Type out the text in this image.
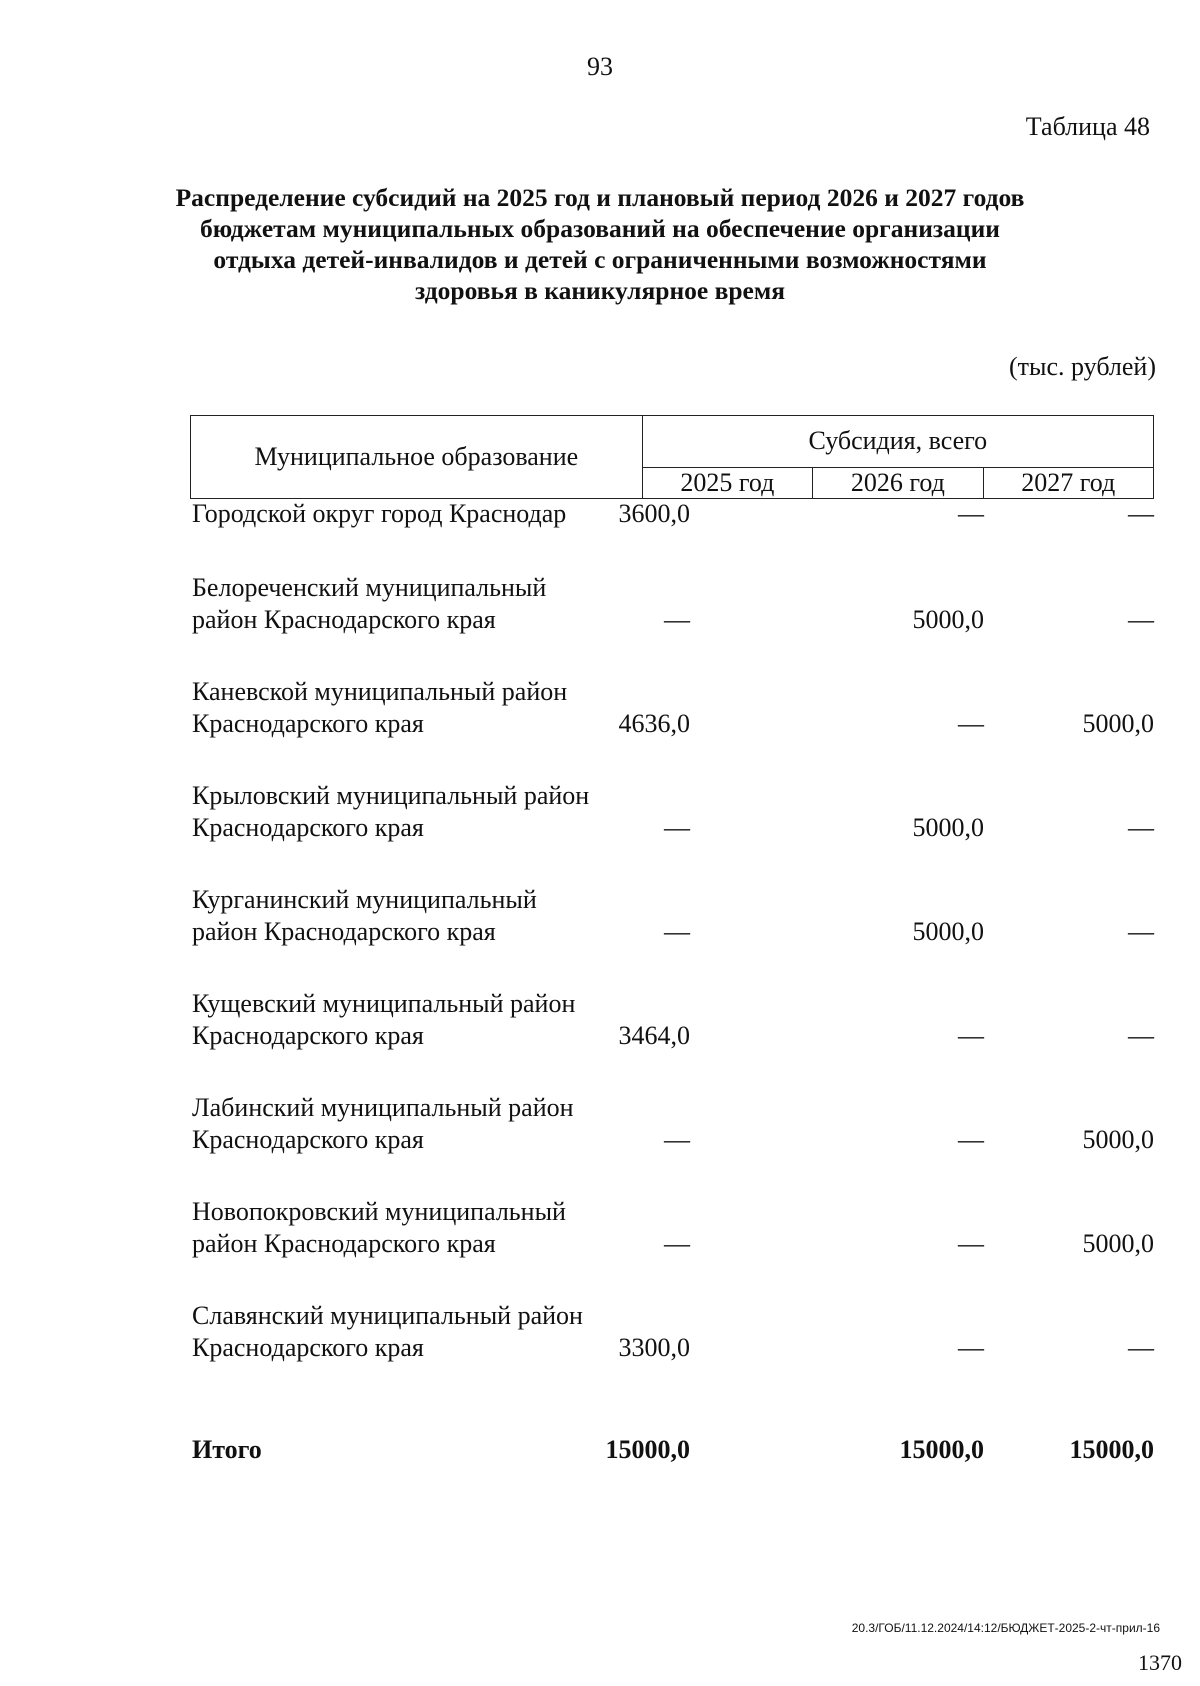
93
Таблица 48
Распределение субсидий на 2025 год и плановый период 2026 и 2027 годов
бюджетам муниципальных образований на обеспечение организации
отдыха детей-инвалидов и детей с ограниченными возможностями
здоровья в каникулярное время
(тыс. рублей)
Муниципальное образование	Субсидия, всего		
	2025 год	2026 год	2027 год
Городской округ город Краснодар 3600,0	—	—
Белореченский муниципальный
район Краснодарского края	—	5000,0	—
Каневской муниципальный район
Краснодарского края	4636,0	—	5000,0
Крыловский муниципальный район
Краснодарского края	—	5000,0	—
Курганинский муниципальный
район Краснодарского края	—	5000,0	—
Кущевский муниципальный район
Краснодарского края	3464,0	—	—
Лабинский муниципальный район
Краснодарского края	—	—	5000,0
Новопокровский муниципальный
район Краснодарского края	—	—	5000,0
Славянский муниципальный район
Краснодарского края	3300,0	—	—
Итого	15000,0	15000,0	15000,0
20.3/ГОБ/11.12.2024/14:12/БЮДЖЕТ-2025-2-чт-прил-16
1370
